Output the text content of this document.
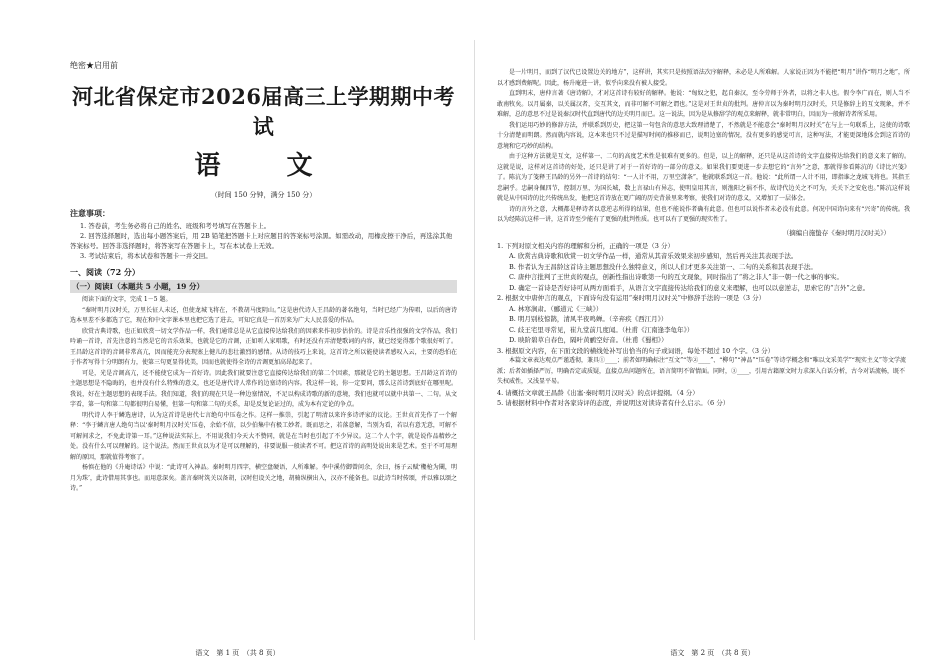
绝密★启用前
河北省保定市2026届高三上学期期中考试
语　文
（时间 150 分钟，满分 150 分）
注意事项：
1. 答卷前，考生务必将自己的姓名、班级和考号填写在答题卡上。
2. 回答选择题时，选出每小题答案后，用 2B 铅笔把答题卡上对应题目的答案标号涂黑。如需改动，用橡皮擦干净后，再选涂其他答案标号。回答非选择题时，将答案写在答题卡上，写在本试卷上无效。
3. 考试结束后，将本试卷和答题卡一并交回。
一、阅读（72 分）
（一）阅读Ⅰ（本题共 5 小题，19 分）

阅读下面的文字，完成 1－5 题。

“秦时明月汉时关，万里长征人未还，但使龙城飞将在，不教胡马度阴山。”这是唐代诗人王昌龄的著名绝句，当时已经广为传唱，以后的唐诗选本里差不多都选了它，现在和中文字课本里也把它选了进去，可知它真是一首历来为广大人民喜爱的作品。

欣赏古典诗歌，也正如欣赏一切文学作品一样，我们通常总是从它直接传达给我们的因素来作初步估价的。诗是音乐性很强的文学作品，我们吟诵一首诗，首先注意的当然是它的音乐效果，也就是它的音调，正如听人家唱歌，有时还没有弄清楚歌词的内容，就已经觉得那个歌很好听了。王昌龄这首诗的音调非常高亢，因而能充分表现塞上健儿的悲壮激烈的感情。从诗的技巧上来说，这首诗之所以能使读者感叹入云，主要的恐怕在于作者写得十分明朗有力，使第三句更显得优美，因而也就使得全诗的音调更加高昂起来了。

可是，光是音调高亢，还不能使它成为一首好诗。因此我们就要注意它直接传达给我们的第二个因素，那就是它的主题思想。王昌龄这首诗的主题思想是不隐晦的，也并没有什么特殊的意义，也还是唐代诗人常作的边塞诗的内容。我这样一说，你一定要问，那么这首诗到底好在哪里呢。我说，好在主题思想的表现手法。我们知道，我们的现在只是一种边塞情况，不足以构成诗歌的新的意境，我们也就可以就中共第一、二句。从文字看，第一句和第二句都很明白易懂，但第一句和第二句的关系，却是反复论证过的，成为本有定论的争点。

明代诗人李于鳞选唐诗，认为这首诗是唐代七言绝句中压卷之作。这样一推崇，引起了明清以来许多诗评家的议论。王世贞首先作了一个解释：“李于鳞言唐人绝句当以‘秦时明月汉时关’压卷，余始不信，以少伯集中有极工妙者。既而思之，若落意解，当别为看，若以有意无意，可解不可解间求之，不免此诗第一耳。”这种说法实际上，不用说我们今天大不赞同，就是在当时也引起了不少异议。这二个人个字，就是说作品精妙之处。没有什么可以理解的。这个说法。然而王世贞以为才是可以理解的，非要说服一般读者不可。把这首诗的高明处说出来是艺术。至于不可用理解的原因，那就值得考察了。

杨慎在他的《升庵诗话》中说：“此诗可入神品。秦时明月四字，横空盘硬语，人所难解。李中溪侍御曾问余，余曰，扬子云赋‘欃枪为闉，明月为珠’，此诗借用其事也。而用意深矣。盖言秦时筑关以备胡，汉时但设关之地，胡骑纵横出入，汉亦不能备也。以此诗当时传颂，并以雅以颂之诗。”

语文　第 1 页　（共 8 页）

是一片明月，而到了汉代已设置边关的地方”，这样讲，其实只是按照语法次序解释，未必是人所难解。人家说正因为不能把“明月”讲作“明月之地”，所以才感到费解呢。因此，杨升庵进一讲，似乎向来没有被人接受。

直到明末，唐仲言著《唐诗解》，才对这首诗有较好的解释。他说：“匈奴之犯，起自秦汉，至今劳师于外者，以将之非人也。假令李广而在，则人当不敢南牧矣。以月属秦，以关属汉者，交互其文，而非可解不可解之谓也。”这是对王世贞的批判。唐仲言以为秦时明月汉时关，只是修辞上的互文现象，并不难解，总的意思不过是说秦汉时代直到唐代的边关明月而已。这一说法，因为是从修辞学的观点来解释，就非常明白，因而为一般解诗者所采用。

我们运用巧妙的修辞方法，并联系到历史，把这第一句包含的意思大致理清楚了，不然就是不能意会“秦时明月汉时关”在与上一句联系上，这使的诗歌十分清楚而明朗。然而就内容说，这本来也只不过是描写时间的推移而已，说明边塞的情况，没有更多的感觉可言，这种写法，才能更深地体会到这首诗的意境和它巧妙的结构。

由于这种方法就是互文，这样第一、二句的高度艺术性是很难有更多的。但是，以上的解释，还只是从这首诗的文字直接传达给我们的意义来了解的。这就是说，这样对这首诗的好处，还只是讲了对于一首好诗的一部分的意义。如果我们要更进一步去想它的“言外”之意，那就得参看陈沆的《诗比兴笺》了。陈沆为了笺释王昌龄的另外一首诗的结句：“一人计不用，万里空潇条”，他就联系到这一首。他说：“此所谓一人计不用，即指谁之龙城飞将也。其指王忠嗣乎。忠嗣身佩四节，控制万里，为国长城，数上言禄山有异志，使明皇用其言，则渔阳之祸不作，故诗代边关之不可为，关关下之安危也。”陈沆这样说就是从中国诗的比兴传统出发，他把这首诗放在更广阔的历史背景里来考察，使我们对诗的意义，又增加了一层体会。

诗的言外之意，大概都是释诗者以意逆志所得的结果，但也不能说作者确有此意。但也可以说作者未必没有此意。何况中国诗向来有“兴寄”的传统。我以为经陈沆这样一讲，这首诗至少能有了更强的批判性质。也可以有了更强的现实性了。

（摘编自施蛰存《秦时明月汉时关》）

1. 下列对原文相关内容的理解和分析，正确的一项是（3 分）

A. 欣赏古典诗歌和欣赏一切文学作品一样，通常从其音乐效果来初步感知，然后再关注其表现手法。

B. 作者认为王昌龄这首诗主题思想没什么独特意义，所以人们才更多关注第一、二句的关系和其表现手法。

C. 唐仲言批判了王世贞的观点，创新性指出诗歌第一句的互文现象，同时指出了“将之非人”非一朝一代之事的事实。

D. 确定一首诗是否好诗可从两方面看手，从语言文字直接传达给我们的意义来理解，也可以以意逆志，思索它的“言外”之意。

2. 根据文中唐仲言的观点，下面诗句没有运用“秦时明月汉时关”中修辞手法的一项是（3 分）

A. 林寒涧肃。（郦道元《三峡》）

B. 明月别枝惊鹊，清风半夜鸣蝉。（辛弃疾《西江月》）

C. 歧王宅里寻常见，崔九堂前几度闻。（杜甫《江南逢李龟年》）

D. 映阶碧草自春色，隔叶黄鹂空好音。（杜甫《蜀相》）

3. 根据原文内容，在下面文段的横线处补写出恰当的句子或词语，每处不超过 10 个字。（3 分）

本篇文章表达观点严谨透彻，兼具①____；前者如明确标注“互文”“等②____”、“柳句”“神品”“压卷”等诗学概念和“唯以文采美学”“现实主义”等文学流派；后者如插择严厉，明确否定或质疑，直接点出问题所在，语言简明不留情面。同时，③____，引用古籍原文时力求深入白话分析，古今对话流畅，既不失权威性，又浅显平易。

4. 请概括文章就王昌龄《出塞·秦时明月汉时关》的点评提纲。（4 分）

5. 请根据材料中作者对各家诗评的态度，并说明这对读诗者有什么启示。（6 分）

语文　第 2 页　（共 8 页）
